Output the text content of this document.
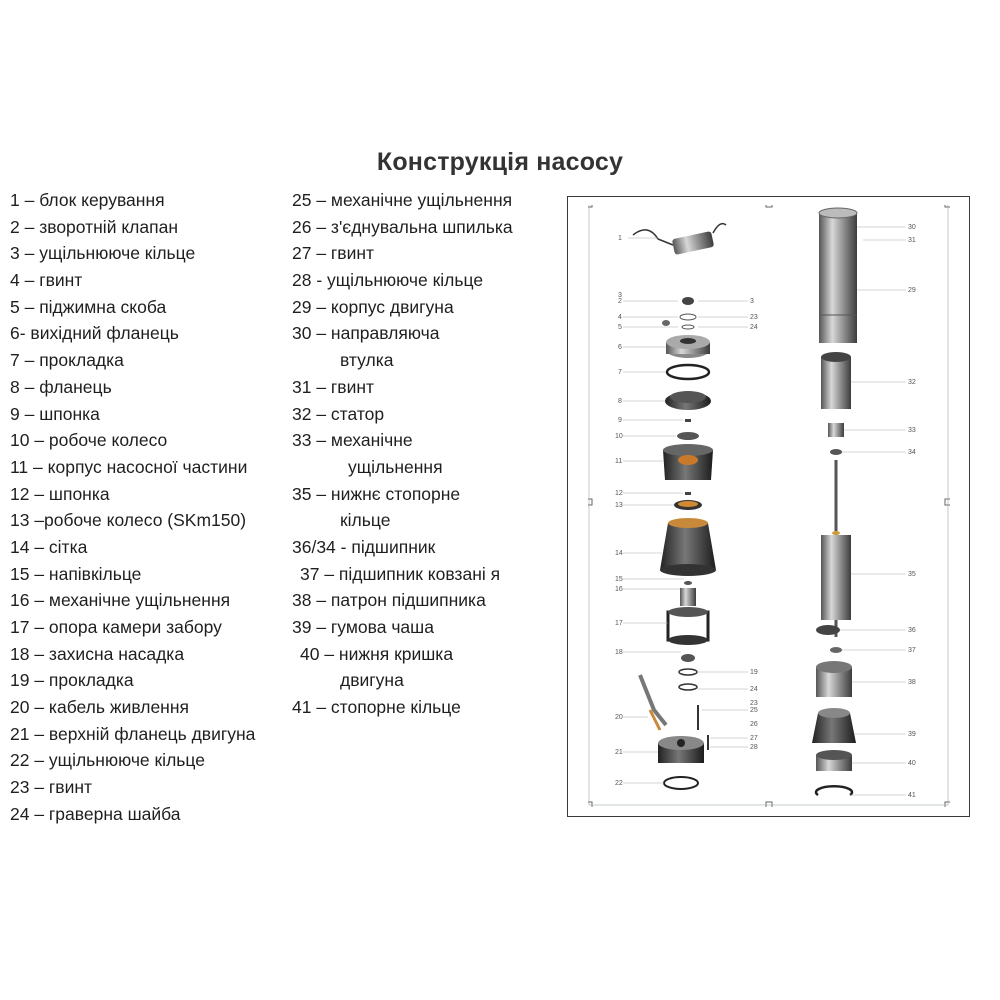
Конструкція насосу
1 – блок керування
2 – зворотній клапан
3 – ущільнююче кільце
4 – гвинт
5 – піджимна скоба
6- вихідний фланець
7 – прокладка
8 – фланець
9 – шпонка
10 – робоче колесо
11 – корпус насосної частини
12 – шпонка
13 –робоче колесо (SKm150)
14 – сітка
15 – напівкільце
16 – механічне ущільнення
17 – опора камери забору
18 – захисна насадка
19 – прокладка
20 – кабель живлення
21 – верхній фланець двигуна
22 – ущільнююче кільце
23 – гвинт
24 – граверна шайба
25 – механічне ущільнення
26 – з'єднувальна шпилька
27 – гвинт
28 - ущільнююче кільце
29 – корпус двигуна
30 – направляюча
втулка
31 – гвинт
32 – статор
33 – механічне
ущільнення
35 – нижнє стопорне
кільце
36/34 - підшипник
37 – підшипник ковзані я
38 – патрон підшипника
39 – гумова чаша
40 – нижня кришка
двигуна
41 – стопорне кільце
1
2
4
5
6
7
8
9
10
11
12
13
14
15
16
17
18
19
20
21
22
3
23
24
24
25
27
28
30
31
29
32
33
34
35
36
37
38
39
40
41
3
23
26
